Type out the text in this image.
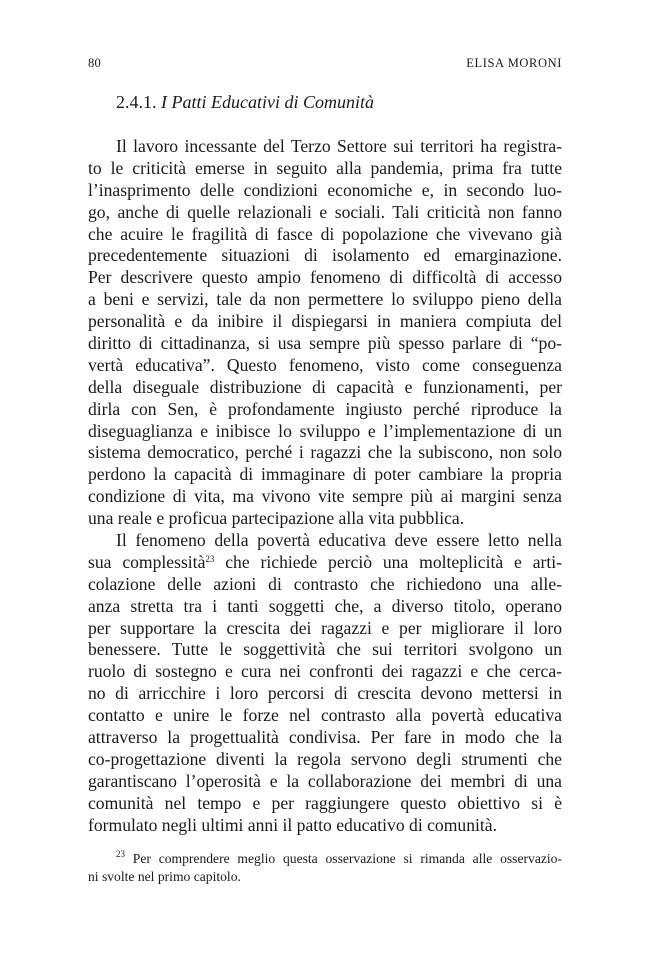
80	ELISA MORONI
2.4.1. I Patti Educativi di Comunità
Il lavoro incessante del Terzo Settore sui territori ha registra-
to le criticità emerse in seguito alla pandemia, prima fra tutte
l’inasprimento delle condizioni economiche e, in secondo luo-
go, anche di quelle relazionali e sociali. Tali criticità non fanno
che acuire le fragilità di fasce di popolazione che vivevano già
precedentemente situazioni di isolamento ed emarginazione.
Per descrivere questo ampio fenomeno di difficoltà di accesso
a beni e servizi, tale da non permettere lo sviluppo pieno della
personalità e da inibire il dispiegarsi in maniera compiuta del
diritto di cittadinanza, si usa sempre più spesso parlare di “po-
vertà educativa”. Questo fenomeno, visto come conseguenza
della diseguale distribuzione di capacità e funzionamenti, per
dirla con Sen, è profondamente ingiusto perché riproduce la
diseguaglianza e inibisce lo sviluppo e l’implementazione di un
sistema democratico, perché i ragazzi che la subiscono, non solo
perdono la capacità di immaginare di poter cambiare la propria
condizione di vita, ma vivono vite sempre più ai margini senza
una reale e proficua partecipazione alla vita pubblica.
Il fenomeno della povertà educativa deve essere letto nella
sua complessità$^{23}$ che richiede perciò una molteplicità e arti-
colazione delle azioni di contrasto che richiedono una alle-
anza stretta tra i tanti soggetti che, a diverso titolo, operano
per supportare la crescita dei ragazzi e per migliorare il loro
benessere. Tutte le soggettività che sui territori svolgono un
ruolo di sostegno e cura nei confronti dei ragazzi e che cerca-
no di arricchire i loro percorsi di crescita devono mettersi in
contatto e unire le forze nel contrasto alla povertà educativa
attraverso la progettualità condivisa. Per fare in modo che la
co-progettazione diventi la regola servono degli strumenti che
garantiscano l’operosità e la collaborazione dei membri di una
comunità nel tempo e per raggiungere questo obiettivo si è
formulato negli ultimi anni il patto educativo di comunità.
$^{23}$ Per comprendere meglio questa osservazione si rimanda alle osservazio-
ni svolte nel primo capitolo.
